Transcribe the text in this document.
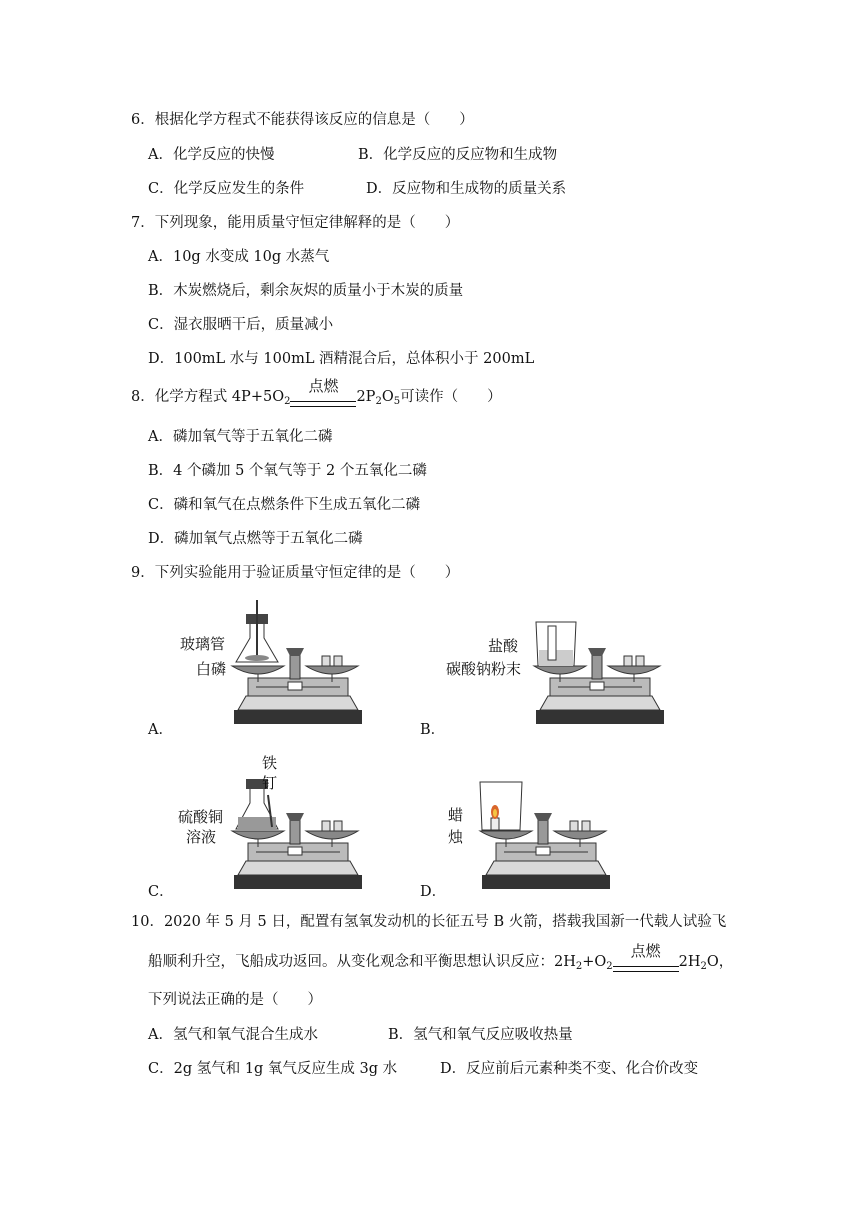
6．根据化学方程式不能获得该反应的信息是（　　）
A．化学反应的快慢	B．化学反应的反应物和生成物
C．化学反应发生的条件	D．反应物和生成物的质量关系
7．下列现象，能用质量守恒定律解释的是（　　）
A．10g 水变成 10g 水蒸气
B．木炭燃烧后，剩余灰烬的质量小于木炭的质量
C．湿衣服晒干后，质量减小
D．100mL 水与 100mL 酒精混合后，总体积小于 200mL
8．化学方程式 $4P+5O_2$
点燃
$2P_2O_5$可读作（　　）
A．磷加氧气等于五氧化二磷
B．4 个磷加 5 个氧气等于 2 个五氧化二磷
C．磷和氧气在点燃条件下生成五氧化二磷
D．磷加氧气点燃等于五氧化二磷
9．下列实验能用于验证质量守恒定律的是（　　）
玻璃管
白磷
A．
盐酸
碳酸钠粉末
B．
铁
钉
硫酸铜
溶液
C．
蜡
烛
D．
10．2020 年 5 月 5 日，配置有氢氧发动机的长征五号 B 火箭，搭载我国新一代载人试验飞
船顺利升空，飞船成功返回。从变化观念和平衡思想认识反应：$2H_2+O_2$
点燃
$2H_2O$，
下列说法正确的是（　　）
A．氢气和氧气混合生成水	B．氢气和氧气反应吸收热量
C．2g 氢气和 1g 氧气反应生成 3g 水	D．反应前后元素种类不变、化合价改变
